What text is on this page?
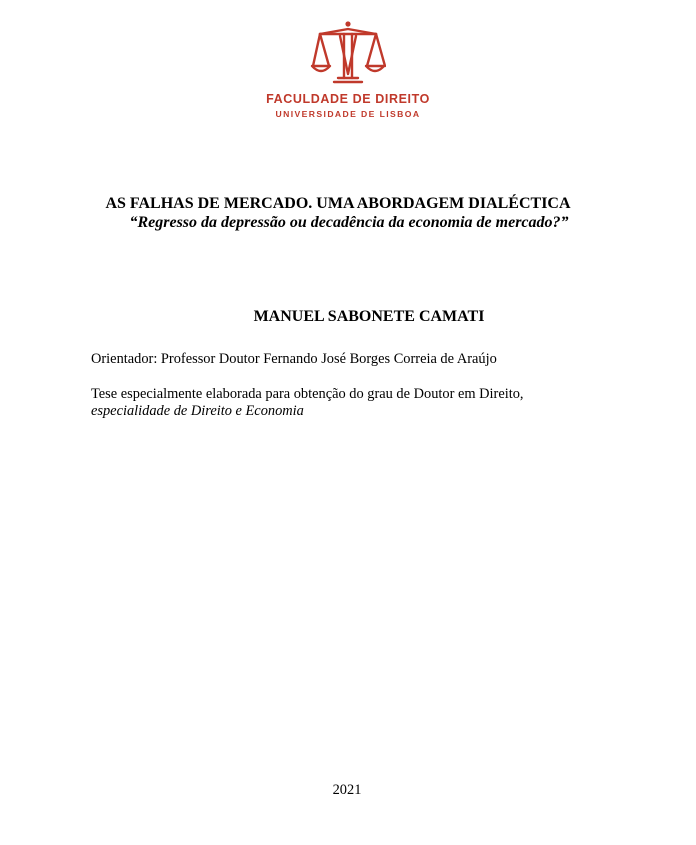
FACULDADE DE DIREITO
UNIVERSIDADE DE LISBOA
AS FALHAS DE MERCADO. UMA ABORDAGEM DIALÉCTICA
“Regresso da depressão ou decadência da economia de mercado?”
MANUEL SABONETE CAMATI
Orientador: Professor Doutor Fernando José Borges Correia de Araújo
Tese especialmente elaborada para obtenção do grau de Doutor em Direito,
especialidade de Direito e Economia
2021
